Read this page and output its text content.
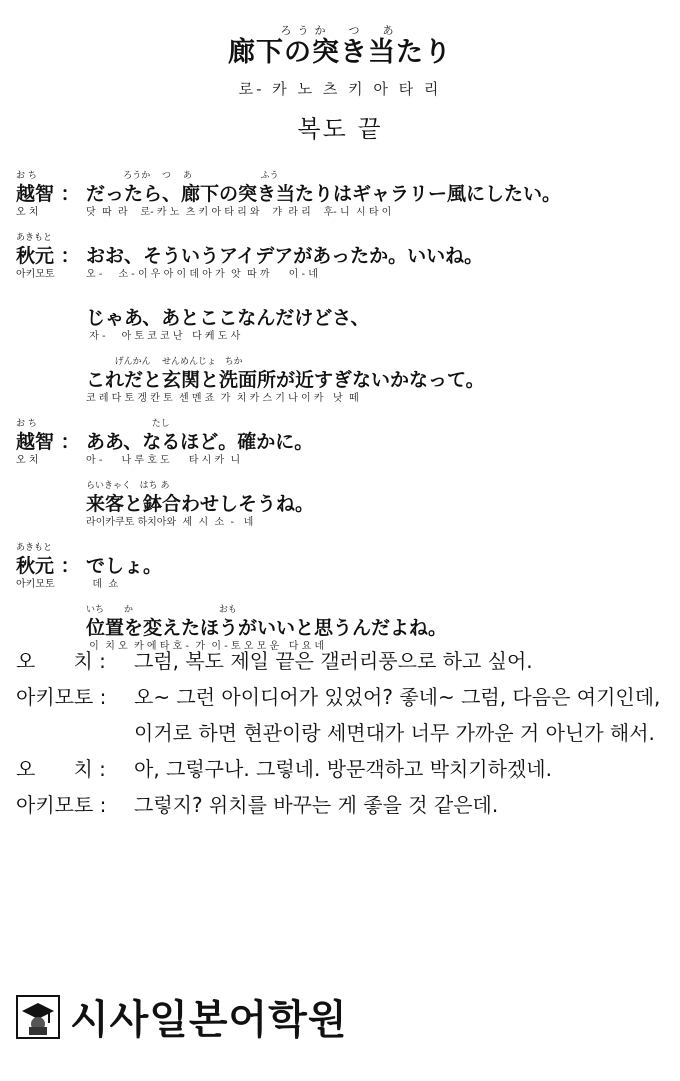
ろうか　つ　あ
廊下の突き当たり
로- 카 노 츠 키 아 타 리
복도 끝
お ち
越智 ：
오 치
ろうか　 つ　 あ                        ふう
だったら、廊下の突き当たりはギャラリー風にしたい。
닷  따  라    로- 카 노  츠 키 아 타 리 와    갸  라 리    후- 니  시 타 이
あきもと
秋元 ：
아키모토
おお、そういうアイデアがあったか。いいね。
오 -     소 - 이 우 아 이 데 아 가  앗  따 까      이 - 네
じゃあ、あとここなんだけどさ、
자 -     아 토 코 코 난   다 케 도 사
げんかん    せんめんじょ   ちか
これだと玄関と洗面所が近すぎないかなって。
코 레 다 토 겡 칸 토  센 멘 죠  가  치 카 스 기 나 이 카   낫  떼
お ち
越智 ：
오 치
たし
ああ、なるほど。確かに。
아 -      나 루 호 도      타 시 카  니
らいきゃく   はち あ
来客と鉢合わせしそうね。
라이카쿠토 하치아와  세  시  소  -   네
あきもと
秋元 ：
아키모토
でしょ。
데  쇼
いち       か                              おも
位置を変えたほうがいいと思うんだよね。
이  치 오  카 에 타 호 -  가  이 - 토 오 모 운   다 요 네
오      치 :	그럼, 복도 제일 끝은 갤러리풍으로 하고 싶어.
아키모토 :	오~ 그런 아이디어가 있었어? 좋네~ 그럼, 다음은 여기인데, 이거로 하면 현관이랑 세면대가 너무 가까운 거 아닌가 해서.
오      치 :	아, 그렇구나. 그렇네. 방문객하고 박치기하겠네.
아키모토 :	그렇지? 위치를 바꾸는 게 좋을 것 같은데.
시사일본어학원
